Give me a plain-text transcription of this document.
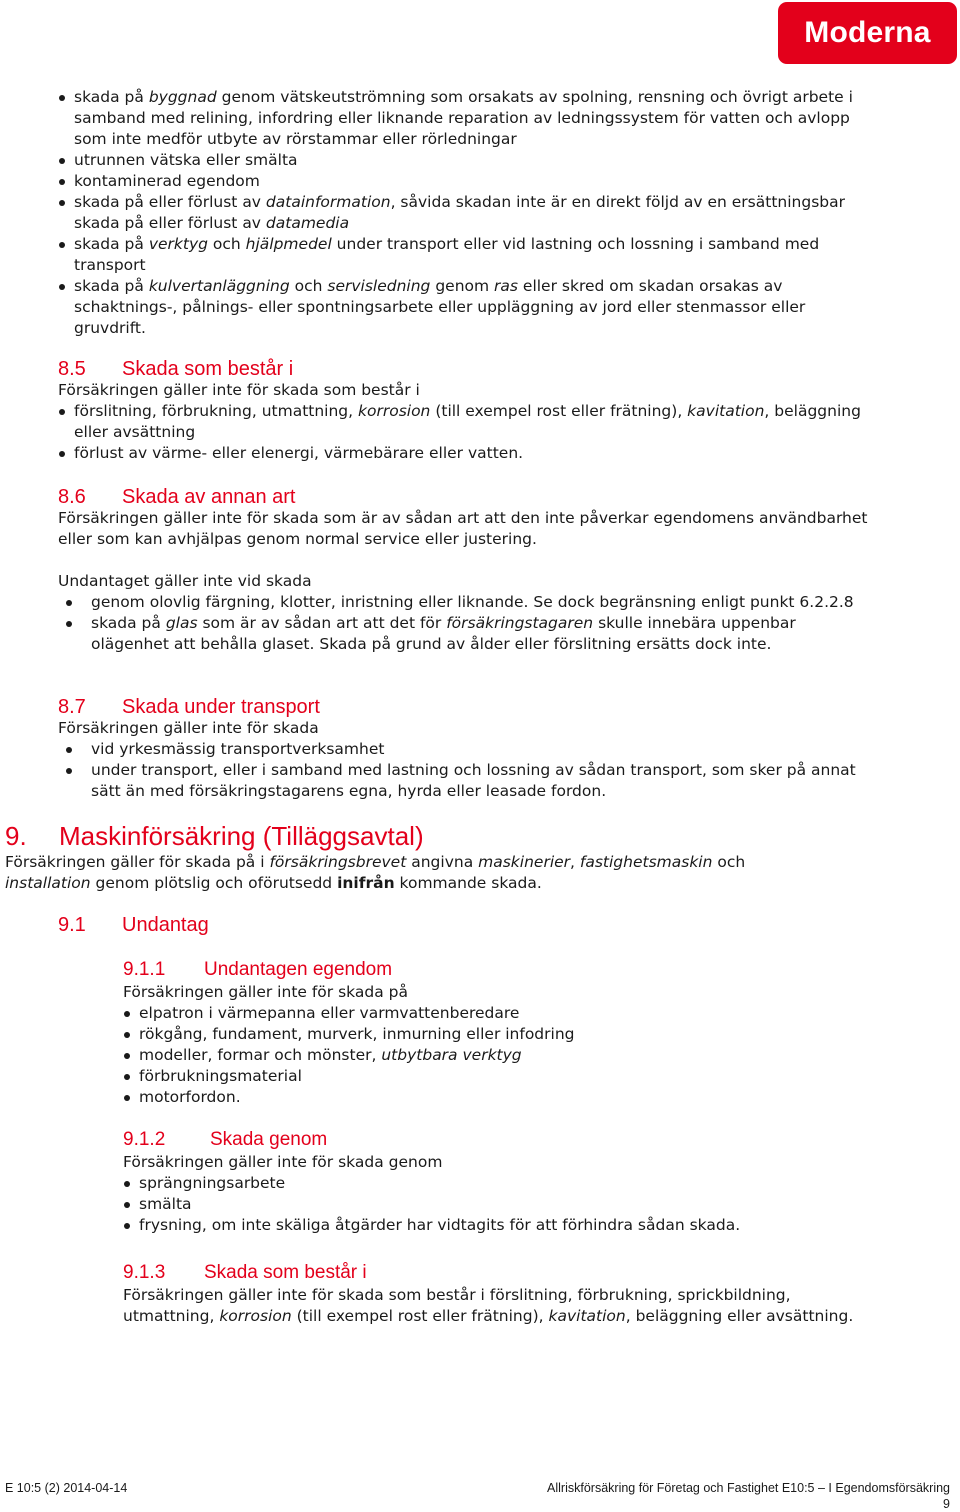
Moderna
skada på byggnad genom vätskeutströmning som orsakats av spolning, rensning och övrigt arbete i samband med relining, infordring eller liknande reparation av ledningssystem för vatten och avlopp som inte medför utbyte av rörstammar eller rörledningar
utrunnen vätska eller smälta
kontaminerad egendom
skada på eller förlust av datainformation, såvida skadan inte är en direkt följd av en ersättningsbar skada på eller förlust av datamedia
skada på verktyg och hjälpmedel under transport eller vid lastning och lossning i samband med transport
skada på kulvertanläggning och servisledning genom ras eller skred om skadan orsakas av schaktnings-, pålnings- eller spontningsarbete eller uppläggning av jord eller stenmassor eller gruvdrift.
8.5 Skada som består i

Försäkringen gäller inte för skada som består i

förslitning, förbrukning, utmattning, korrosion (till exempel rost eller frätning), kavitation, beläggning eller avsättning
förlust av värme- eller elenergi, värmebärare eller vatten.
8.6 Skada av annan art

Försäkringen gäller inte för skada som är av sådan art att den inte påverkar egendomens användbarhet eller som kan avhjälpas genom normal service eller justering.

Undantaget gäller inte vid skada

genom olovlig färgning, klotter, inristning eller liknande. Se dock begränsning enligt punkt 6.2.2.8
skada på glas som är av sådan art att det för försäkringstagaren skulle innebära uppenbar olägenhet att behålla glaset. Skada på grund av ålder eller förslitning ersätts dock inte.
8.7 Skada under transport

Försäkringen gäller inte för skada

vid yrkesmässig transportverksamhet
under transport, eller i samband med lastning och lossning av sådan transport, som sker på annat sätt än med försäkringstagarens egna, hyrda eller leasade fordon.
9. Maskinförsäkring (Tilläggsavtal)

Försäkringen gäller för skada på i försäkringsbrevet angivna maskinerier, fastighetsmaskin och installation genom plötslig och oförutsedd inifrån kommande skada.

9.1 Undantag
9.1.1 Undantagen egendom

Försäkringen gäller inte för skada på

elpatron i värmepanna eller varmvattenberedare
rökgång, fundament, murverk, inmurning eller infodring
modeller, formar och mönster, utbytbara verktyg
förbrukningsmaterial
motorfordon.
9.1.2 Skada genom

Försäkringen gäller inte för skada genom

sprängningsarbete
smälta
frysning, om inte skäliga åtgärder har vidtagits för att förhindra sådan skada.
9.1.3 Skada som består i

Försäkringen gäller inte för skada som består i förslitning, förbrukning, sprickbildning, utmattning, korrosion (till exempel rost eller frätning), kavitation, beläggning eller avsättning.

E 10:5 (2) 2014-04-14	Allriskförsäkring för Företag och Fastighet E10:5 – I Egendomsförsäkring
9
